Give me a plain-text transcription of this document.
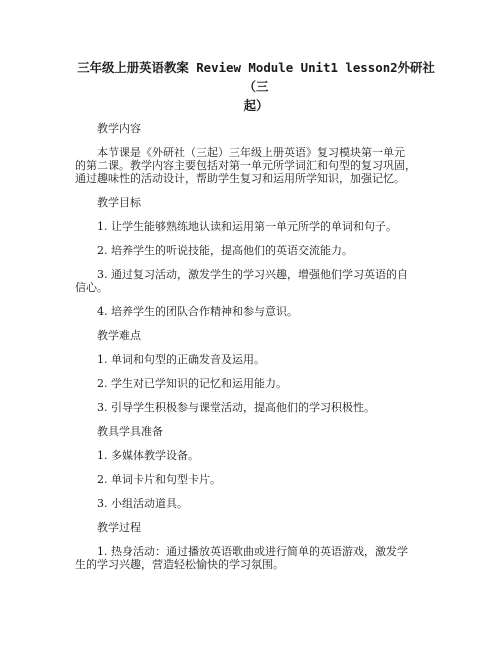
三年级上册英语教案 Review Module Unit1 lesson2外研社（三
起）
教学内容
本节课是《外研社（三起）三年级上册英语》复习模块第一单元
的第二课。教学内容主要包括对第一单元所学词汇和句型的复习巩固，
通过趣味性的活动设计，帮助学生复习和运用所学知识，加强记忆。
教学目标
1. 让学生能够熟练地认读和运用第一单元所学的单词和句子。
2. 培养学生的听说技能，提高他们的英语交流能力。
3. 通过复习活动，激发学生的学习兴趣，增强他们学习英语的自
信心。
4. 培养学生的团队合作精神和参与意识。
教学难点
1. 单词和句型的正确发音及运用。
2. 学生对已学知识的记忆和运用能力。
3. 引导学生积极参与课堂活动，提高他们的学习积极性。
教具学具准备
1. 多媒体教学设备。
2. 单词卡片和句型卡片。
3. 小组活动道具。
教学过程
1. 热身活动：通过播放英语歌曲或进行简单的英语游戏，激发学
生的学习兴趣，营造轻松愉快的学习氛围。
